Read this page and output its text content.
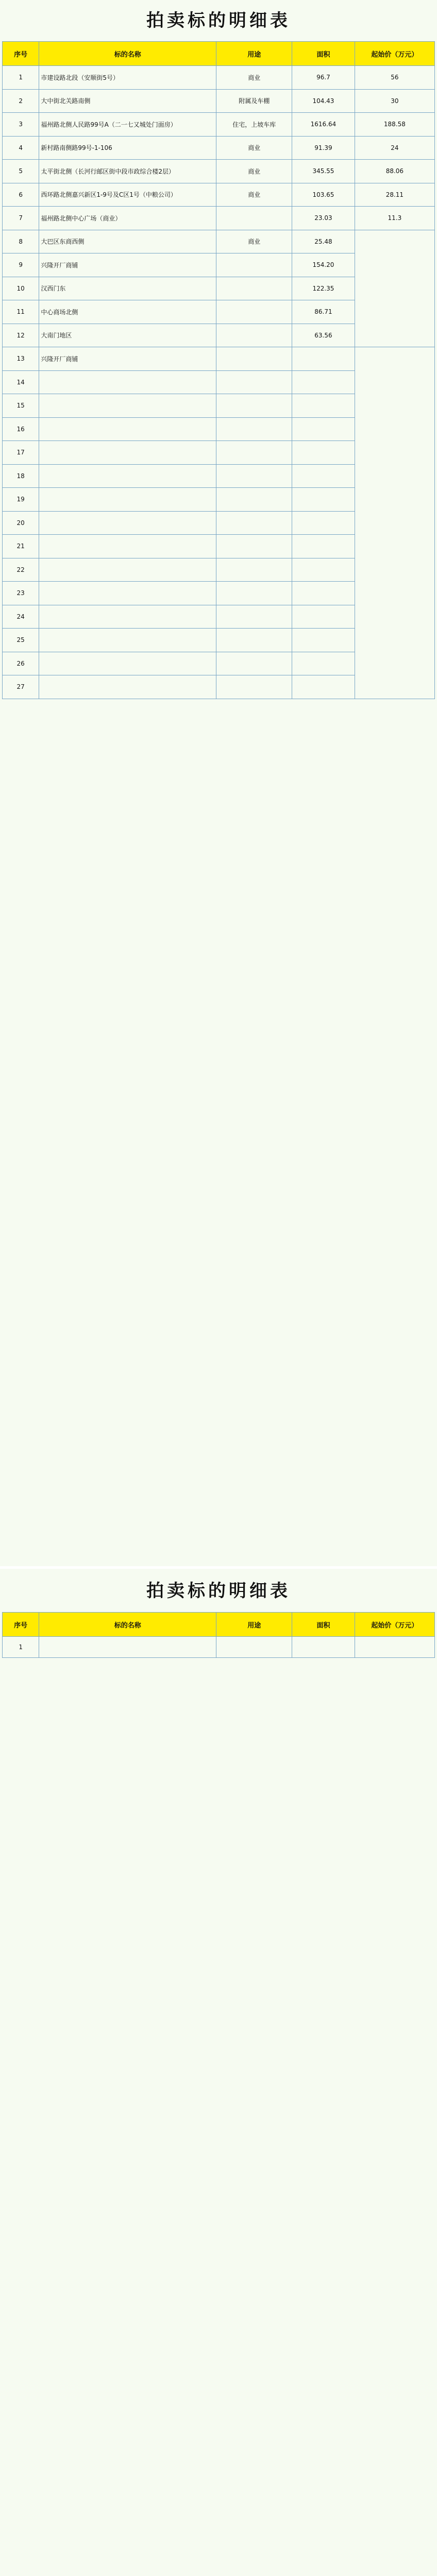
拍卖标的明细表
序号	标的名称	用途	面积	起始价（万元）
1	市建设路北段（安顺街5号）	商业	96.7	56
2	大中街北关路南侧	附属及车棚	104.43	30
3	福州路北侧人民路99号A（二一七又城处门面房）	住宅，上坡车库	1616.64	188.58
4	新村路南侧路99号-1-106	商业	91.39	24
5	太平街北侧（长河行邮区街中段市政综合楼2层）	商业	345.55	88.06
6	西环路北侧嘉兴新区1-9号及C区1号（中粮公司）	商业	103.65	28.11
7	福州路北侧中心广场（商业）		23.03	11.3
8	大巴区东商西侧	商业	25.48	
9	兴隆开厂商铺		154.20	
10	汉西门东		122.35	
11	中心商场北侧		86.71	
12	大南门地区		63.56	
13	兴隆开厂商铺			
14				
15				
16				
17				
18				
19				
20				
21				
22				
23				
24				
25				
26				
27				
拍卖标的明细表
序号	标的名称	用途	面积	起始价（万元）
1				
